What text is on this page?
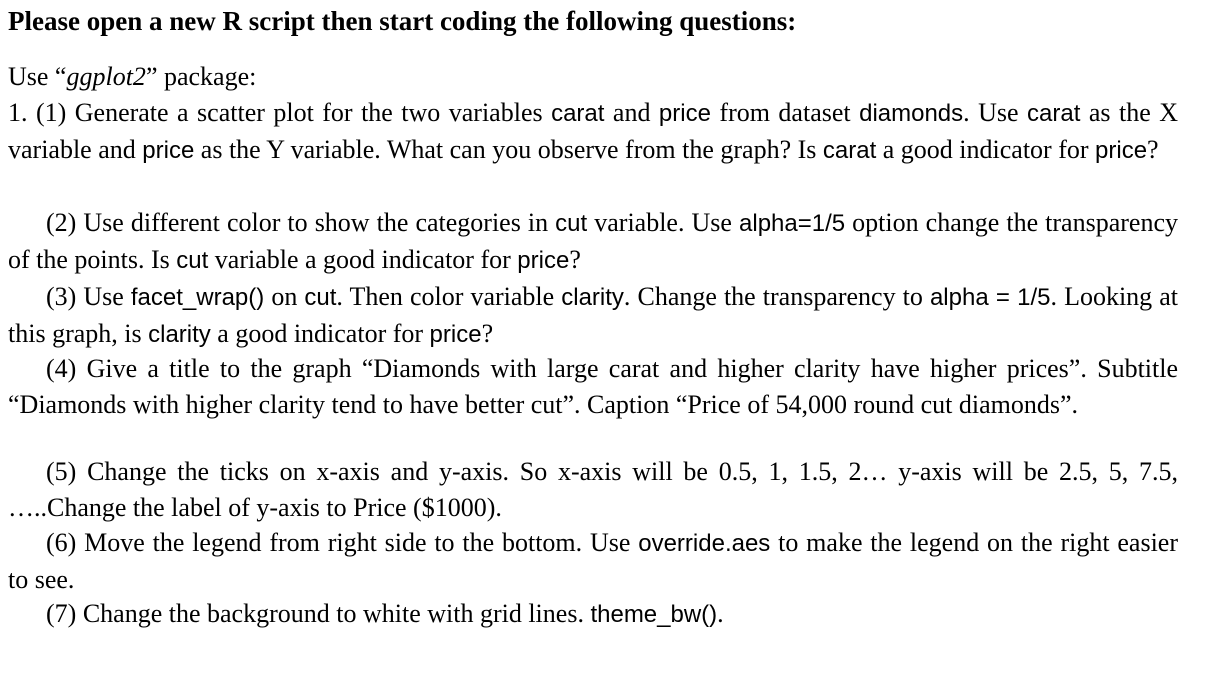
Please open a new R script then start coding the following questions:
Use “ggplot2” package:
1. (1) Generate a scatter plot for the two variables carat and price from dataset diamonds. Use carat as the X variable and price as the Y variable. What can you observe from the graph? Is carat a good indicator for price?
(2) Use different color to show the categories in cut variable. Use alpha=1/5 option change the transparency of the points. Is cut variable a good indicator for price?
(3) Use facet_wrap() on cut. Then color variable clarity. Change the transparency to alpha = 1/5. Looking at this graph, is clarity a good indicator for price?
(4) Give a title to the graph “Diamonds with large carat and higher clarity have higher prices”. Subtitle “Diamonds with higher clarity tend to have better cut”. Caption “Price of 54,000 round cut diamonds”.
(5) Change the ticks on x-axis and y-axis. So x-axis will be 0.5, 1, 1.5, 2… y-axis will be 2.5, 5, 7.5, …..Change the label of y-axis to Price ($1000).
(6) Move the legend from right side to the bottom. Use override.aes to make the legend on the right easier to see.
(7) Change the background to white with grid lines. theme_bw().
